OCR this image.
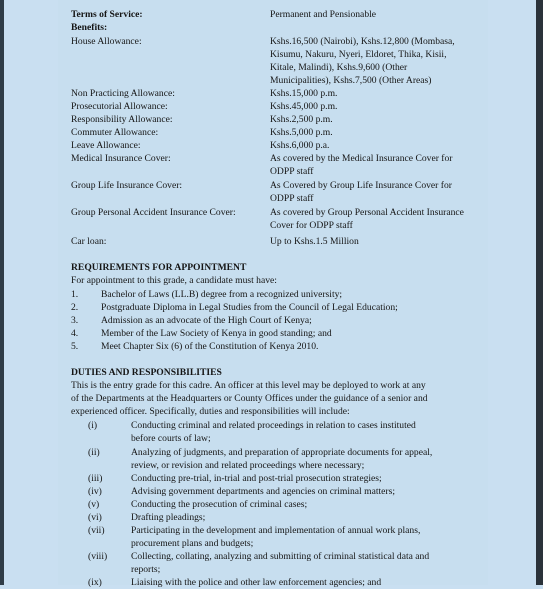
Terms of Service:	Permanent and Pensionable
Benefits:
House Allowance:	Kshs.16,500 (Nairobi), Kshs.12,800 (Mombasa,
Kisumu, Nakuru, Nyeri, Eldoret, Thika, Kisii,
Kitale, Malindi), Kshs.9,600 (Other
Municipalities), Kshs.7,500 (Other Areas)
Non Practicing Allowance:	Kshs.15,000 p.m.
Prosecutorial Allowance:	Kshs.45,000 p.m.
Responsibility Allowance:	Kshs.2,500 p.m.
Commuter Allowance:	Kshs.5,000 p.m.
Leave Allowance:	Kshs.6,000 p.a.
Medical Insurance Cover:	As covered by the Medical Insurance Cover for
ODPP staff
Group Life Insurance Cover:	As Covered by Group Life Insurance Cover for
ODPP staff
Group Personal Accident Insurance Cover:	As covered by Group Personal Accident Insurance
Cover for ODPP staff
Car loan:	Up to Kshs.1.5 Million
REQUIREMENTS FOR APPOINTMENT
For appointment to this grade, a candidate must have:
1. Bachelor of Laws (LL.B) degree from a recognized university;
2. Postgraduate Diploma in Legal Studies from the Council of Legal Education;
3. Admission as an advocate of the High Court of Kenya;
4. Member of the Law Society of Kenya in good standing; and
5. Meet Chapter Six (6) of the Constitution of Kenya 2010.
DUTIES AND RESPONSIBILITIES
This is the entry grade for this cadre. An officer at this level may be deployed to work at any
of the Departments at the Headquarters or County Offices under the guidance of a senior and
experienced officer. Specifically, duties and responsibilities will include:
(i)	Conducting criminal and related proceedings in relation to cases instituted
before courts of law;
(ii)	Analyzing of judgments, and preparation of appropriate documents for appeal,
review, or revision and related proceedings where necessary;
(iii)	Conducting pre-trial, in-trial and post-trial prosecution strategies;
(iv)	Advising government departments and agencies on criminal matters;
(v)	Conducting the prosecution of criminal cases;
(vi)	Drafting pleadings;
(vii)	Participating in the development and implementation of annual work plans,
procurement plans and budgets;
(viii) Collecting, collating, analyzing and submitting of criminal statistical data and
reports;
(ix)	Liaising with the police and other law enforcement agencies; and
